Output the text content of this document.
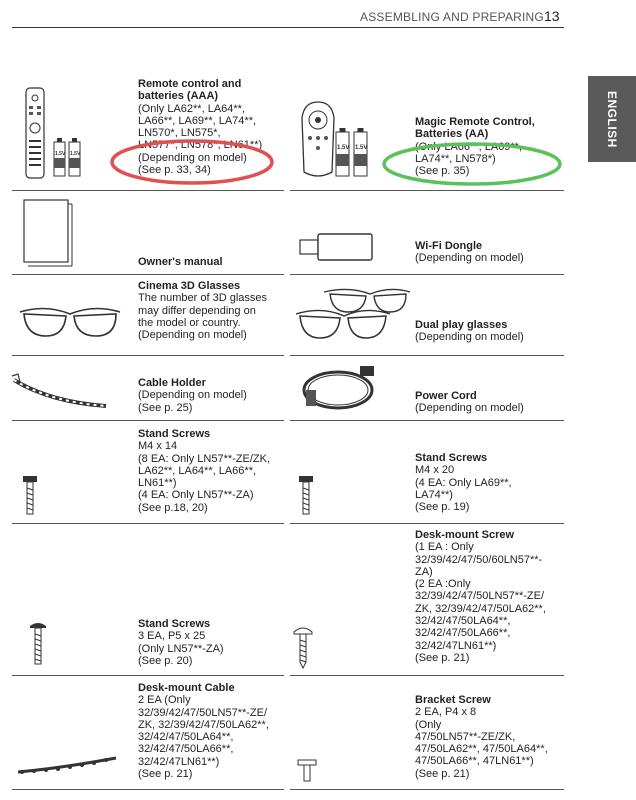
ASSEMBLING AND PREPARING 13
ENGLISH
1.5V 1.5V
1.5V 1.5V
Remote control and
batteries (AAA)
(Only LA62**, LA64**,
LA66**, LA69**, LA74**,
LN570*, LN575*,
LN577*, LN578*, LN61**)
(Depending on model)
(See p. 33, 34)
Magic Remote Control,
Batteries (AA)
(Only LA66**, LA69**,
LA74**, LN578*)
(See p. 35)
Owner's manual
Wi-Fi Dongle
(Depending on model)
Cinema 3D Glasses
The number of 3D glasses
may differ depending on
the model or country.
(Depending on model)
Dual play glasses
(Depending on model)
Cable Holder
(Depending on model)
(See p. 25)
Power Cord
(Depending on model)
Stand Screws
M4 x 14
(8 EA: Only LN57**-ZE/ZK,
LA62**, LA64**, LA66**,
LN61**)
(4 EA: Only LN57**-ZA)
(See p.18, 20)
Stand Screws
M4 x 20
(4 EA: Only LA69**,
LA74**)
(See p. 19)
Stand Screws
3 EA, P5 x 25
(Only LN57**-ZA)
(See p. 20)
Desk-mount Screw
(1 EA : Only
32/39/42/47/50/60LN57**-
ZA)
(2 EA :Only
32/39/42/47/50LN57**-ZE/
ZK, 32/39/42/47/50LA62**,
32/42/47/50LA64**,
32/42/47/50LA66**,
32/42/47LN61**)
(See p. 21)
Desk-mount Cable
2 EA (Only
32/39/42/47/50LN57**-ZE/
ZK, 32/39/42/47/50LA62**,
32/42/47/50LA64**,
32/42/47/50LA66**,
32/42/47LN61**)
(See p. 21)
Bracket Screw
2 EA, P4 x 8
(Only
47/50LN57**-ZE/ZK,
47/50LA62**, 47/50LA64**,
47/50LA66**, 47LN61**)
(See p. 21)
